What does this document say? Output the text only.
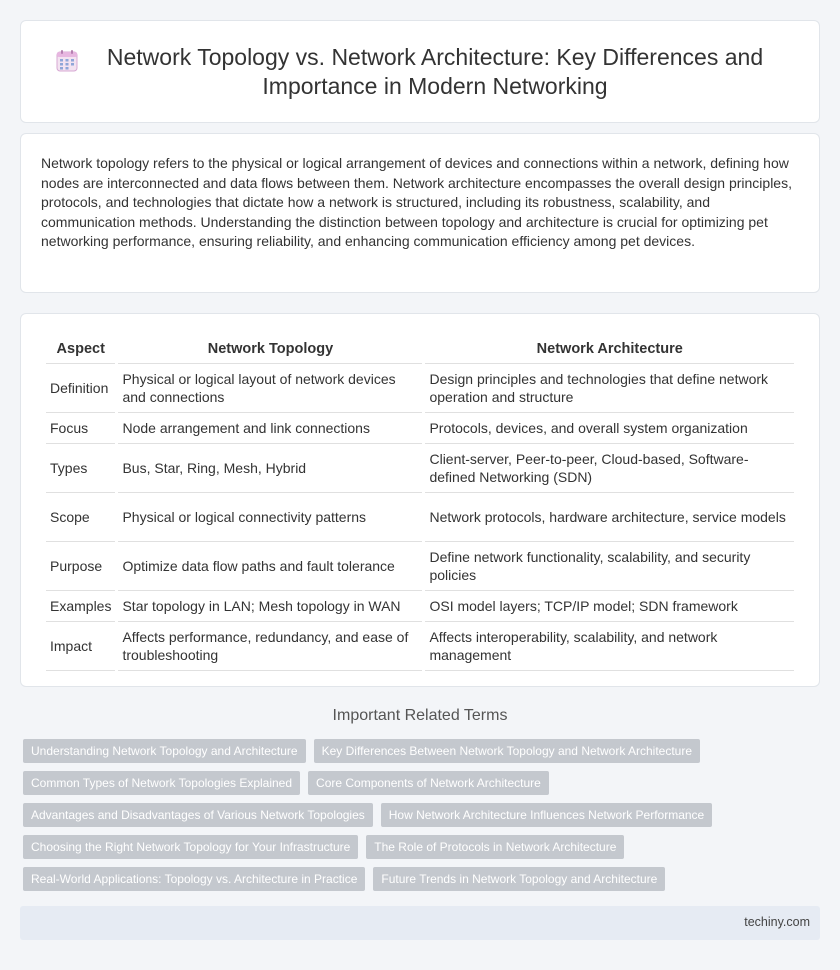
Network Topology vs. Network Architecture: Key Differences and Importance in Modern Networking

Network topology refers to the physical or logical arrangement of devices and connections within a network, defining how nodes are interconnected and data flows between them. Network architecture encompasses the overall design principles, protocols, and technologies that dictate how a network is structured, including its robustness, scalability, and communication methods. Understanding the distinction between topology and architecture is crucial for optimizing pet networking performance, ensuring reliability, and enhancing communication efficiency among pet devices.

Aspect	Network Topology	Network Architecture
Definition	Physical or logical layout of network devices and connections	Design principles and technologies that define network operation and structure
Focus	Node arrangement and link connections	Protocols, devices, and overall system organization
Types	Bus, Star, Ring, Mesh, Hybrid	Client-server, Peer-to-peer, Cloud-based, Software-defined Networking (SDN)
Scope	Physical or logical connectivity patterns	Network protocols, hardware architecture, service models
Purpose	Optimize data flow paths and fault tolerance	Define network functionality, scalability, and security policies
Examples	Star topology in LAN; Mesh topology in WAN	OSI model layers; TCP/IP model; SDN framework
Impact	Affects performance, redundancy, and ease of troubleshooting	Affects interoperability, scalability, and network management
Important Related Terms
Understanding Network Topology and Architecture	Key Differences Between Network Topology and Network Architecture
Common Types of Network Topologies Explained	Core Components of Network Architecture
Advantages and Disadvantages of Various Network Topologies	How Network Architecture Influences Network Performance
Choosing the Right Network Topology for Your Infrastructure	The Role of Protocols in Network Architecture
Real-World Applications: Topology vs. Architecture in Practice	Future Trends in Network Topology and Architecture
techiny.com
